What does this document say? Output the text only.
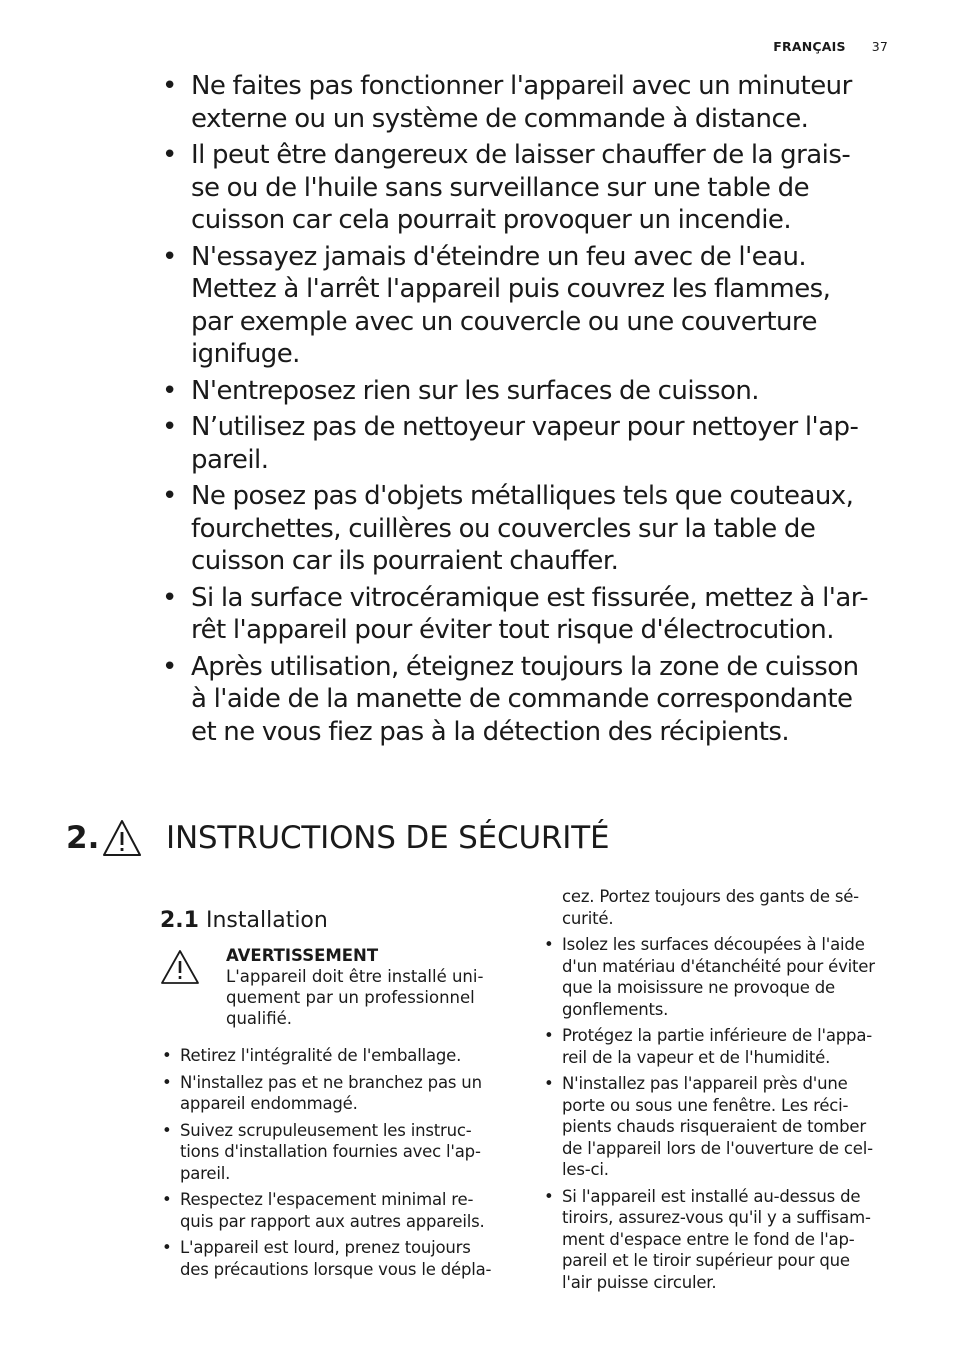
FRANÇAIS 37
• Ne faites pas fonctionner l'appareil avec un minuteur
externe ou un système de commande à distance.
• Il peut être dangereux de laisser chauffer de la grais-
se ou de l'huile sans surveillance sur une table de
cuisson car cela pourrait provoquer un incendie.
• N'essayez jamais d'éteindre un feu avec de l'eau.
Mettez à l'arrêt l'appareil puis couvrez les flammes,
par exemple avec un couvercle ou une couverture
ignifuge.
• N'entreposez rien sur les surfaces de cuisson.
• N’utilisez pas de nettoyeur vapeur pour nettoyer l'ap-
pareil.
• Ne posez pas d'objets métalliques tels que couteaux,
fourchettes, cuillères ou couvercles sur la table de
cuisson car ils pourraient chauffer.
• Si la surface vitrocéramique est fissurée, mettez à l'ar-
rêt l'appareil pour éviter tout risque d'électrocution.
• Après utilisation, éteignez toujours la zone de cuisson
à l'aide de la manette de commande correspondante
et ne vous fiez pas à la détection des récipients.
2. INSTRUCTIONS DE SÉCURITÉ
2.1 Installation
AVERTISSEMENT
L'appareil doit être installé uni-
quement par un professionnel
qualifié.
• Retirez l'intégralité de l'emballage.
• N'installez pas et ne branchez pas un
appareil endommagé.
• Suivez scrupuleusement les instruc-
tions d'installation fournies avec l'ap-
pareil.
• Respectez l'espacement minimal re-
quis par rapport aux autres appareils.
• L'appareil est lourd, prenez toujours
des précautions lorsque vous le dépla-
cez. Portez toujours des gants de sé-
curité.
• Isolez les surfaces découpées à l'aide
d'un matériau d'étanchéité pour éviter
que la moisissure ne provoque de
gonflements.
• Protégez la partie inférieure de l'appa-
reil de la vapeur et de l'humidité.
• N'installez pas l'appareil près d'une
porte ou sous une fenêtre. Les réci-
pients chauds risqueraient de tomber
de l'appareil lors de l'ouverture de cel-
les-ci.
• Si l'appareil est installé au-dessus de
tiroirs, assurez-vous qu'il y a suffisam-
ment d'espace entre le fond de l'ap-
pareil et le tiroir supérieur pour que
l'air puisse circuler.
